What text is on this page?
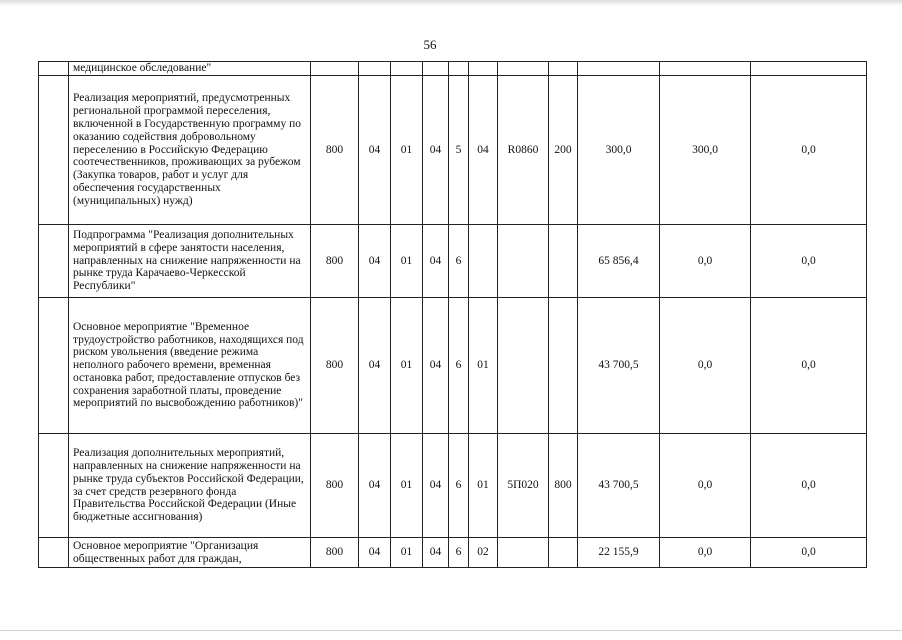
56
	медицинское обследование"											
	Реализация мероприятий, предусмотренных региональной программой переселения, включенной в Государственную программу по оказанию содействия добровольному переселению в Российскую Федерацию соотечественников, проживающих за рубежом (Закупка товаров, работ и услуг для обеспечения государственных (муниципальных) нужд)	800	04	01	04	5	04	R0860	200	300,0	300,0	0,0
	Подпрограмма "Реализация дополнительных мероприятий в сфере занятости населения, направленных на снижение напряженности на рынке труда Карачаево-Черкесской Республики"	800	04	01	04	6				65 856,4	0,0	0,0
	Основное мероприятие "Временное трудоустройство работников, находящихся под риском увольнения (введение режима неполного рабочего времени, временная остановка работ, предоставление отпусков без сохранения заработной платы, проведение мероприятий по высвобождению работников)"	800	04	01	04	6	01			43 700,5	0,0	0,0
	Реализация дополнительных мероприятий, направленных на снижение напряженности на рынке труда субъектов Российской Федерации, за счет средств резервного фонда Правительства Российской Федерации (Иные бюджетные ассигнования)	800	04	01	04	6	01	5П020	800	43 700,5	0,0	0,0
	Основное мероприятие "Организация общественных работ для граждан,	800	04	01	04	6	02			22 155,9	0,0	0,0
